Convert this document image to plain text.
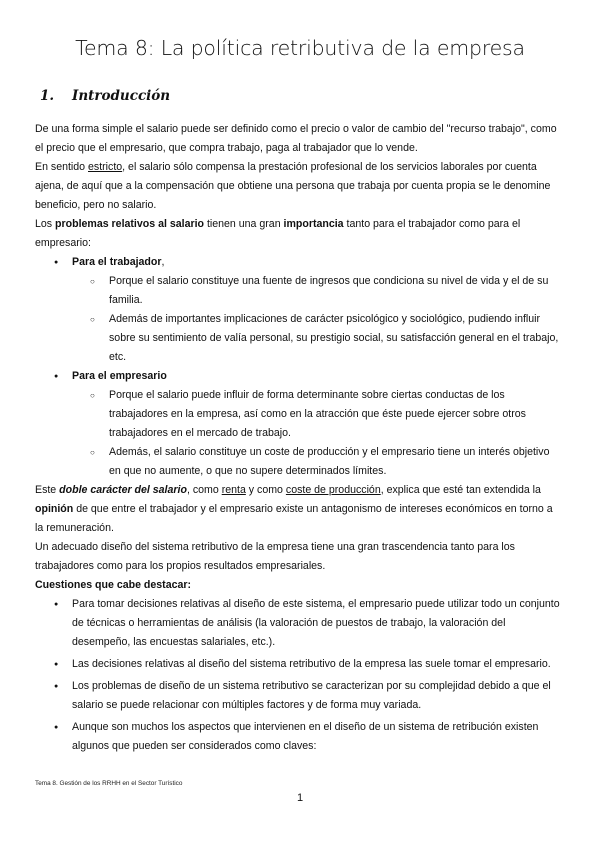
Tema 8: La política retributiva de la empresa
1. Introducción

De una forma simple el salario puede ser definido como el precio o valor de cambio del "recurso trabajo", como el precio que el empresario, que compra trabajo, paga al trabajador que lo vende.

En sentido estricto, el salario sólo compensa la prestación profesional de los servicios laborales por cuenta ajena, de aquí que a la compensación que obtiene una persona que trabaja por cuenta propia se le denomine beneficio, pero no salario.

Los problemas relativos al salario tienen una gran importancia tanto para el trabajador como para el empresario:

● Para el trabajador,
○ Porque el salario constituye una fuente de ingresos que condiciona su nivel de vida y el de su familia.
○ Además de importantes implicaciones de carácter psicológico y sociológico, pudiendo influir sobre su sentimiento de valía personal, su prestigio social, su satisfacción general en el trabajo, etc.
● Para el empresario
○ Porque el salario puede influir de forma determinante sobre ciertas conductas de los trabajadores en la empresa, así como en la atracción que éste puede ejercer sobre otros trabajadores en el mercado de trabajo.
○ Además, el salario constituye un coste de producción y el empresario tiene un interés objetivo en que no aumente, o que no supere determinados límites.

Este doble carácter del salario, como renta y como coste de producción, explica que esté tan extendida la opinión de que entre el trabajador y el empresario existe un antagonismo de intereses económicos en torno a la remuneración.

Un adecuado diseño del sistema retributivo de la empresa tiene una gran trascendencia tanto para los trabajadores como para los propios resultados empresariales.

Cuestiones que cabe destacar:

● Para tomar decisiones relativas al diseño de este sistema, el empresario puede utilizar todo un conjunto de técnicas o herramientas de análisis (la valoración de puestos de trabajo, la valoración del desempeño, las encuestas salariales, etc.).
● Las decisiones relativas al diseño del sistema retributivo de la empresa las suele tomar el empresario.
● Los problemas de diseño de un sistema retributivo se caracterizan por su complejidad debido a que el salario se puede relacionar con múltiples factores y de forma muy variada.
● Aunque son muchos los aspectos que intervienen en el diseño de un sistema de retribución existen algunos que pueden ser considerados como claves:
Tema 8. Gestión de los RRHH en el Sector Turístico
1
